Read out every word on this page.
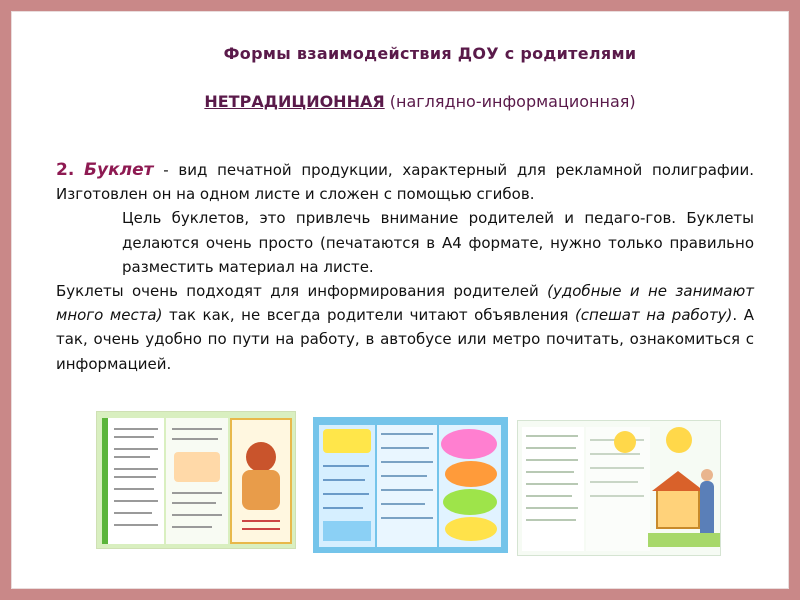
Формы взаимодействия ДОУ с родителями
НЕТРАДИЦИОННАЯ (наглядно-информационная)

2. Буклет - вид печатной продукции, характерный для рекламной полиграфии. Изготовлен он на одном листе и сложен с помощью сгибов.

Цель буклетов, это привлечь внимание родителей и педаго-гов. Буклеты делаются очень просто (печатаются в А4 формате, нужно только правильно разместить материал на листе.

Буклеты очень подходят для информирования родителей (удобные и не занимают много места) так как, не всегда родители читают объявления (спешат на работу). А так, очень удобно по пути на работу, в автобусе или метро почитать, ознакомиться с информацией.
